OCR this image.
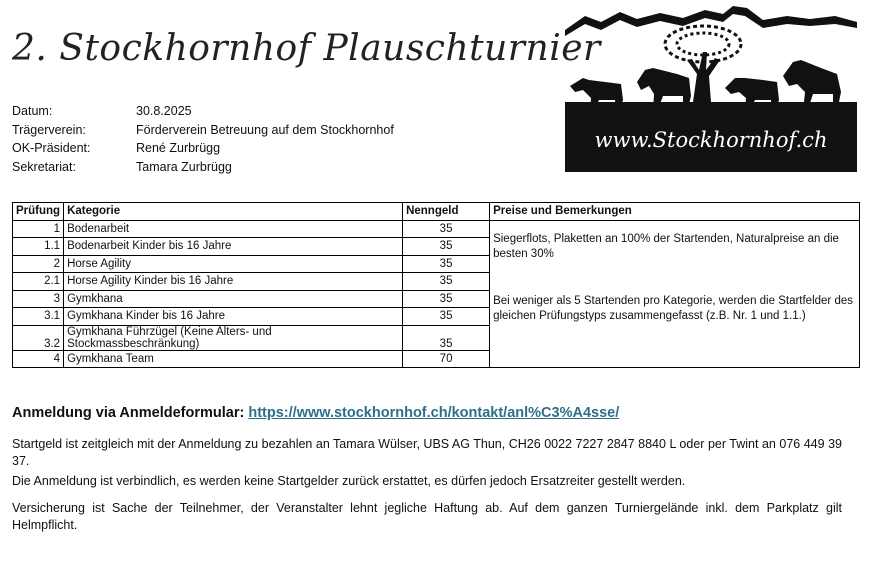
2. Stockhornhof Plauschturnier
Datum:	30.8.2025
Trägerverein:	Förderverein Betreuung auf dem Stockhornhof
OK-Präsident:	René Zurbrügg
Sekretariat:	Tamara Zurbrügg
www.Stockhornhof.ch
Prüfung	Kategorie	Nenngeld	Preise und Bemerkungen
1	Bodenarbeit	35	Siegerflots, Plaketten an 100% der Startenden, Naturalpreise an die besten 30%

Bei weniger als 5 Startenden pro Kategorie, werden die Startfelder des gleichen Prüfungstyps zusammengefasst (z.B. Nr. 1 und 1.1.)

1.1	Bodenarbeit Kinder bis 16 Jahre	35	
2	Horse Agility	35	
2.1	Horse Agility Kinder bis 16 Jahre	35	
3	Gymkhana	35	
3.1	Gymkhana Kinder bis 16 Jahre	35	
3.2	Gymkhana Führzügel (Keine Alters- und Stockmassbeschränkung)	35	
4	Gymkhana Team	70	
Anmeldung via Anmeldeformular: https://www.stockhornhof.ch/kontakt/anl%C3%A4sse/
Startgeld ist zeitgleich mit der Anmeldung zu bezahlen an Tamara Wülser, UBS AG Thun, CH26 0022 7227 2847 8840 L oder per Twint an 076 449 39 37.
Die Anmeldung ist verbindlich, es werden keine Startgelder zurück erstattet, es dürfen jedoch Ersatzreiter gestellt werden.
Versicherung ist Sache der Teilnehmer, der Veranstalter lehnt jegliche Haftung ab. Auf dem ganzen Turniergelände inkl. dem Parkplatz gilt Helmpflicht.
